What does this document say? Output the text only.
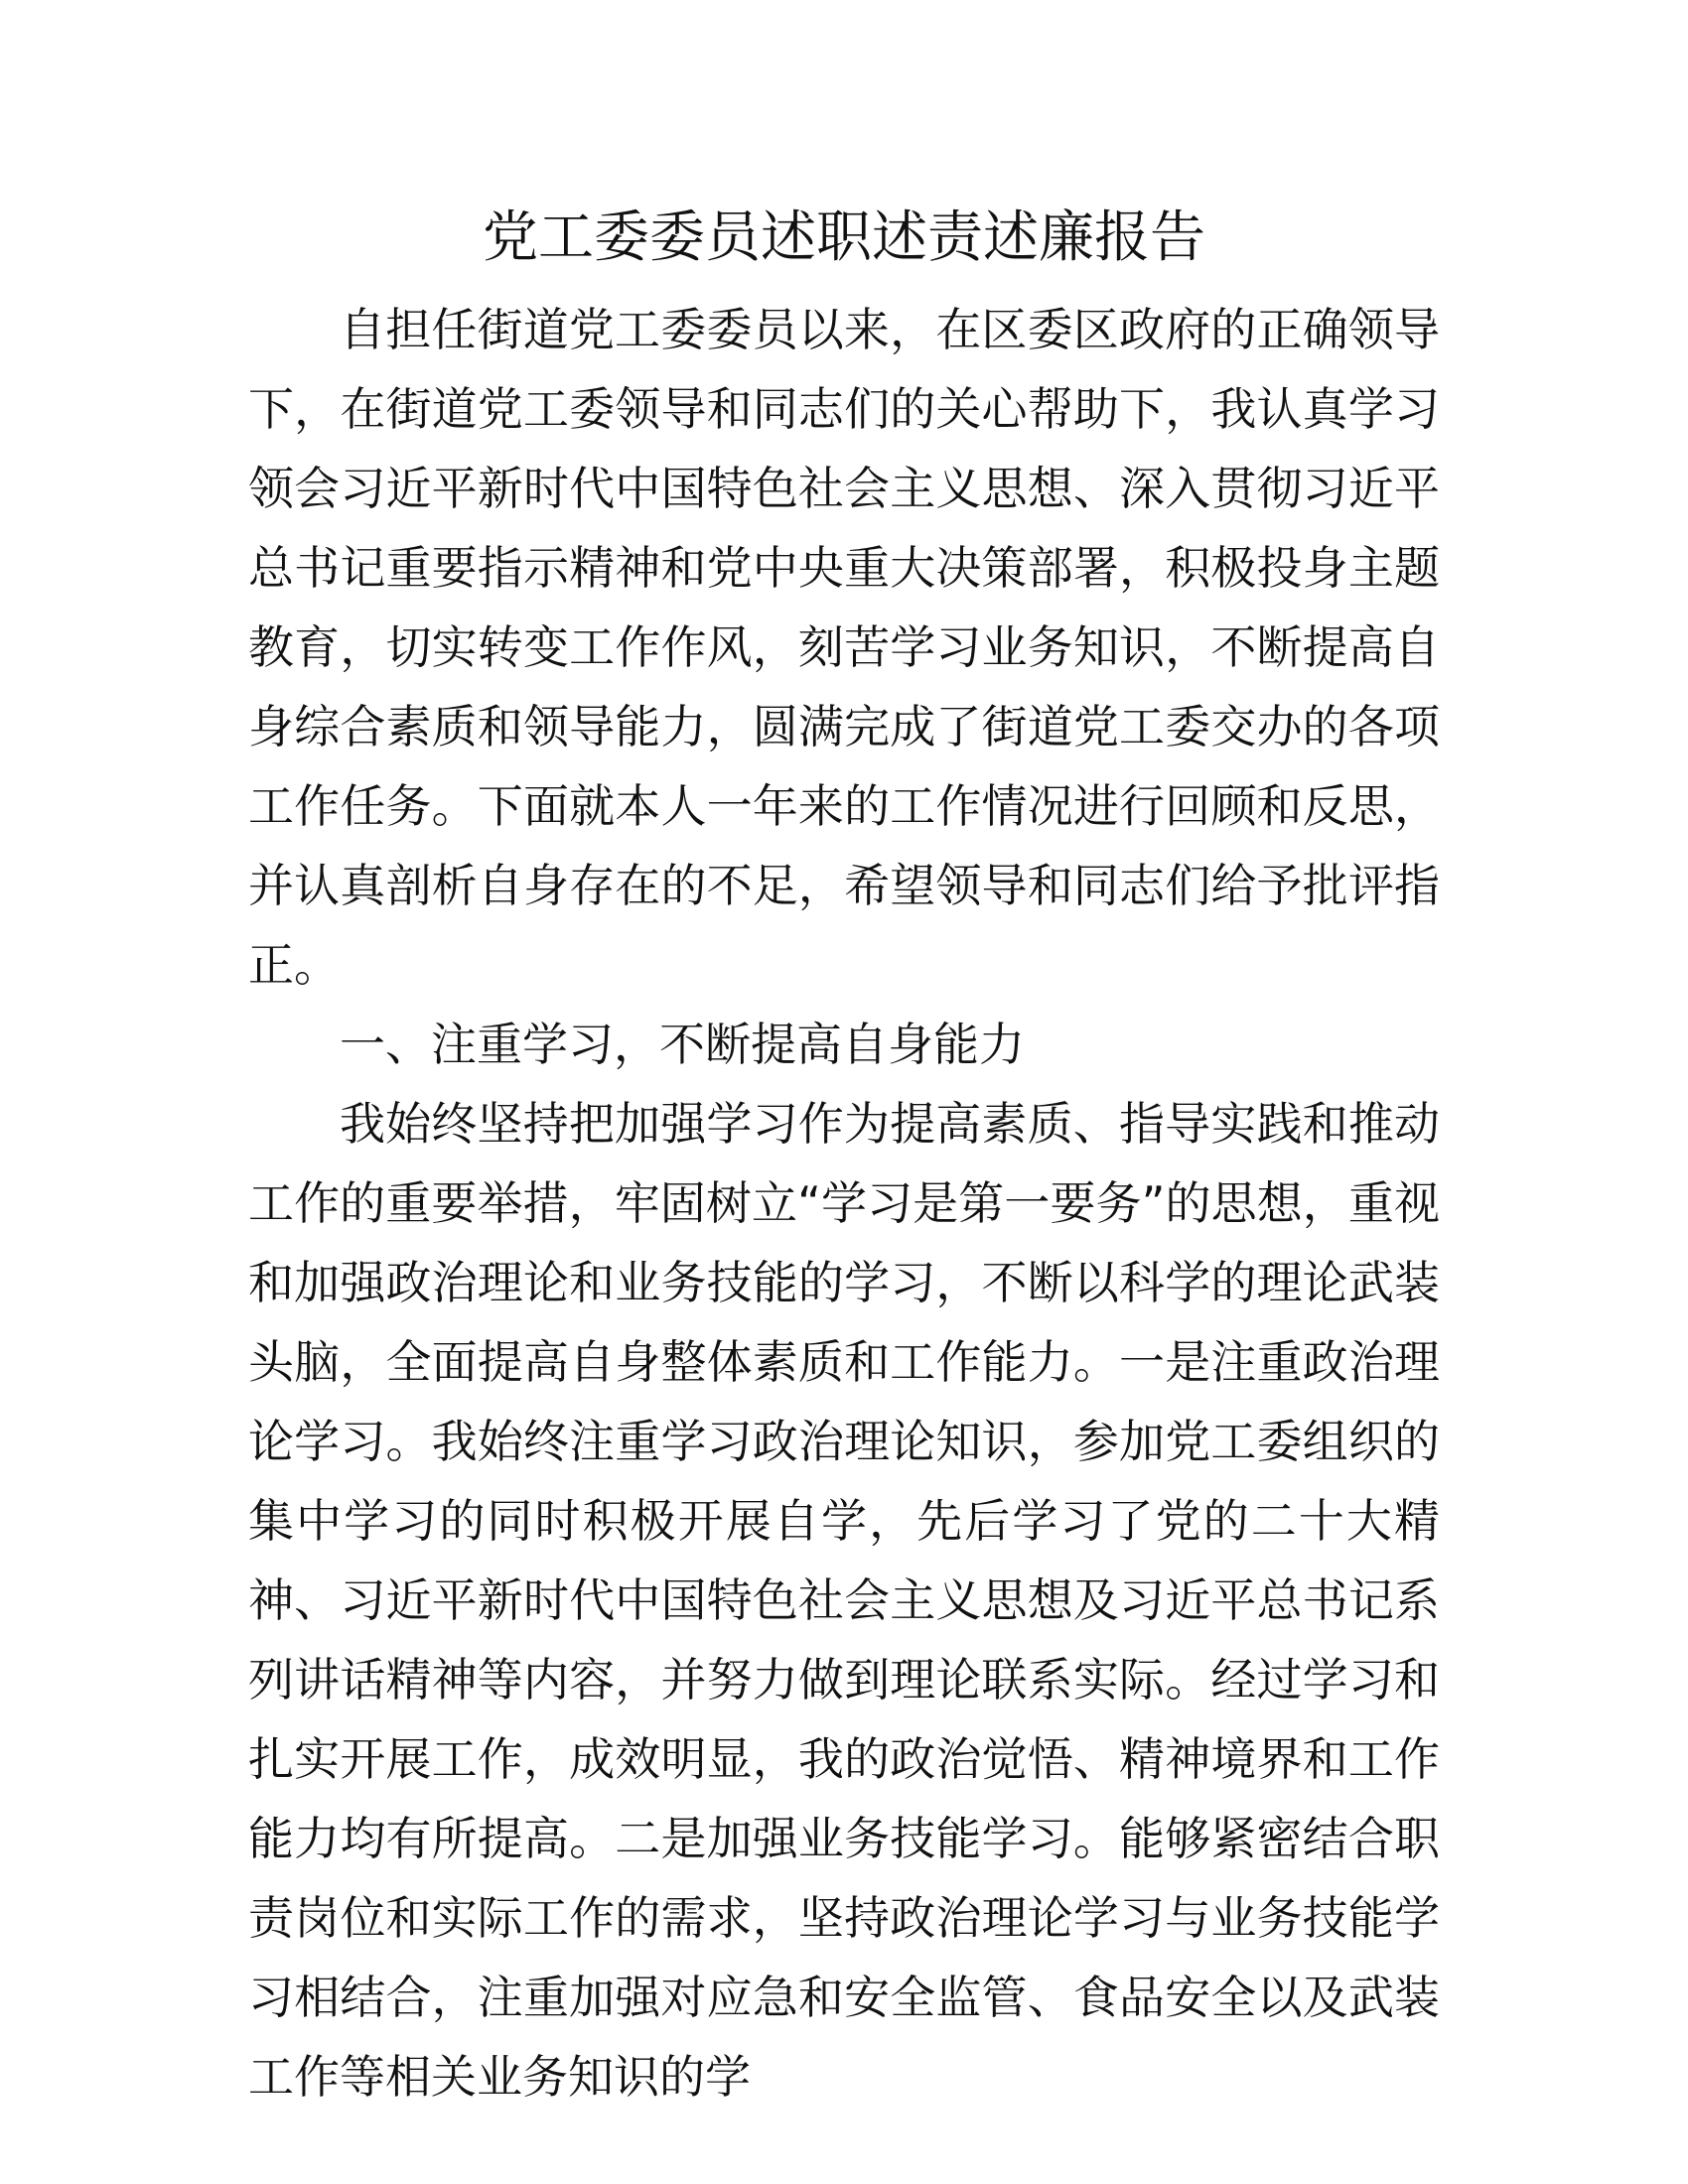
党工委委员述职述责述廉报告

自担任街道党工委委员以来，在区委区政府的正确领导下，在街道党工委领导和同志们的关心帮助下，我认真学习领会习近平新时代中国特色社会主义思想、深入贯彻习近平总书记重要指示精神和党中央重大决策部署，积极投身主题教育，切实转变工作作风，刻苦学习业务知识，不断提高自身综合素质和领导能力，圆满完成了街道党工委交办的各项工作任务。下面就本人一年来的工作情况进行回顾和反思，并认真剖析自身存在的不足，希望领导和同志们给予批评指正。

一、注重学习，不断提高自身能力

我始终坚持把加强学习作为提高素质、指导实践和推动工作的重要举措，牢固树立“学习是第一要务”的思想，重视和加强政治理论和业务技能的学习，不断以科学的理论武装头脑，全面提高自身整体素质和工作能力。一是注重政治理论学习。我始终注重学习政治理论知识，参加党工委组织的集中学习的同时积极开展自学，先后学习了党的二十大精神、习近平新时代中国特色社会主义思想及习近平总书记系列讲话精神等内容，并努力做到理论联系实际。经过学习和扎实开展工作，成效明显，我的政治觉悟、精神境界和工作能力均有所提高。二是加强业务技能学习。能够紧密结合职责岗位和实际工作的需求，坚持政治理论学习与业务技能学习相结合，注重加强对应急和安全监管、食品安全以及武装工作等相关业务知识的学
